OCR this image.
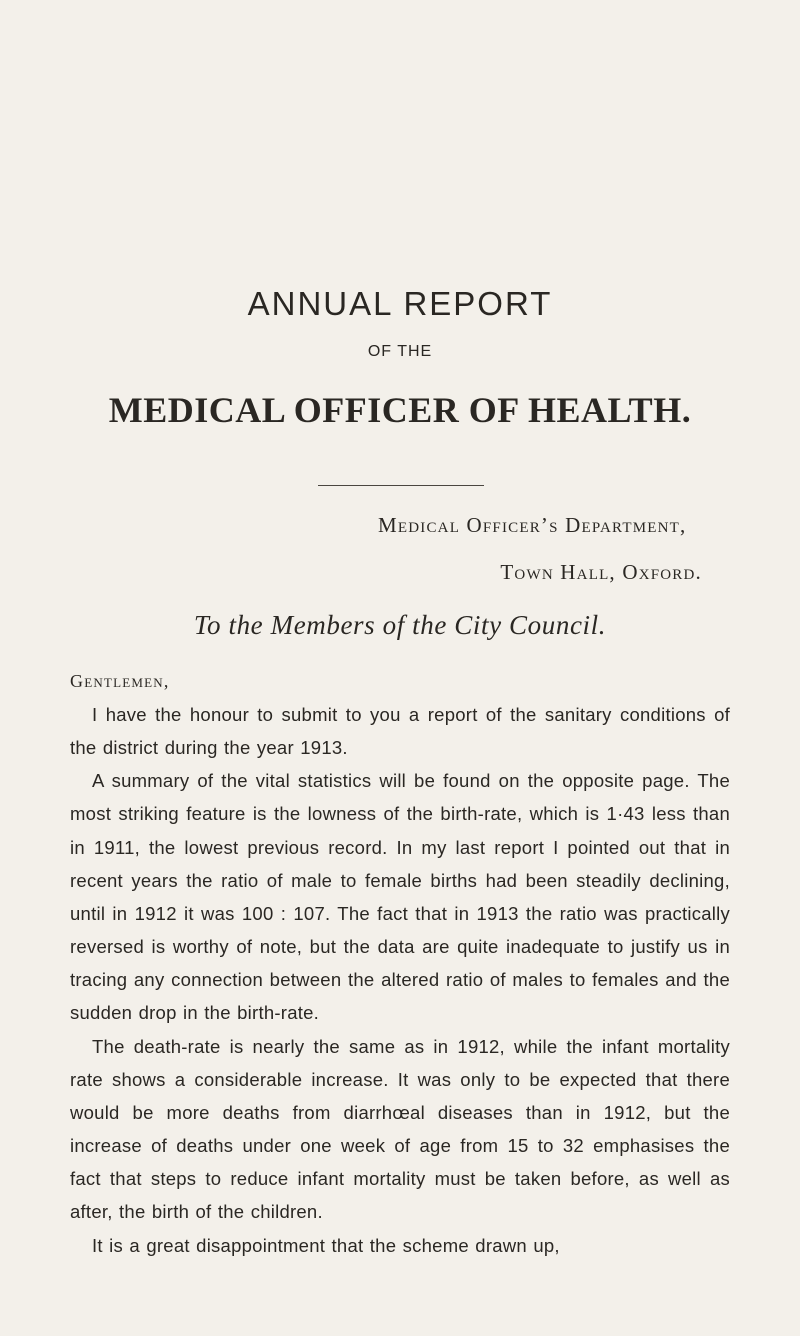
ANNUAL REPORT
OF THE
MEDICAL OFFICER OF HEALTH.
Medical Officer’s Department,
Town Hall, Oxford.
To the Members of the City Council.
Gentlemen,

I have the honour to submit to you a report of the sanitary conditions of the district during the year 1913.

A summary of the vital statistics will be found on the opposite page. The most striking feature is the lowness of the birth-rate, which is 1·43 less than in 1911, the lowest previous record. In my last report I pointed out that in recent years the ratio of male to female births had been steadily declining, until in 1912 it was 100 : 107. The fact that in 1913 the ratio was practically reversed is worthy of note, but the data are quite inadequate to justify us in tracing any connection between the altered ratio of males to females and the sudden drop in the birth-rate.

The death-rate is nearly the same as in 1912, while the infant mortality rate shows a considerable increase. It was only to be expected that there would be more deaths from diarrhœal diseases than in 1912, but the increase of deaths under one week of age from 15 to 32 emphasises the fact that steps to reduce infant mortality must be taken before, as well as after, the birth of the children.

It is a great disappointment that the scheme drawn up,
